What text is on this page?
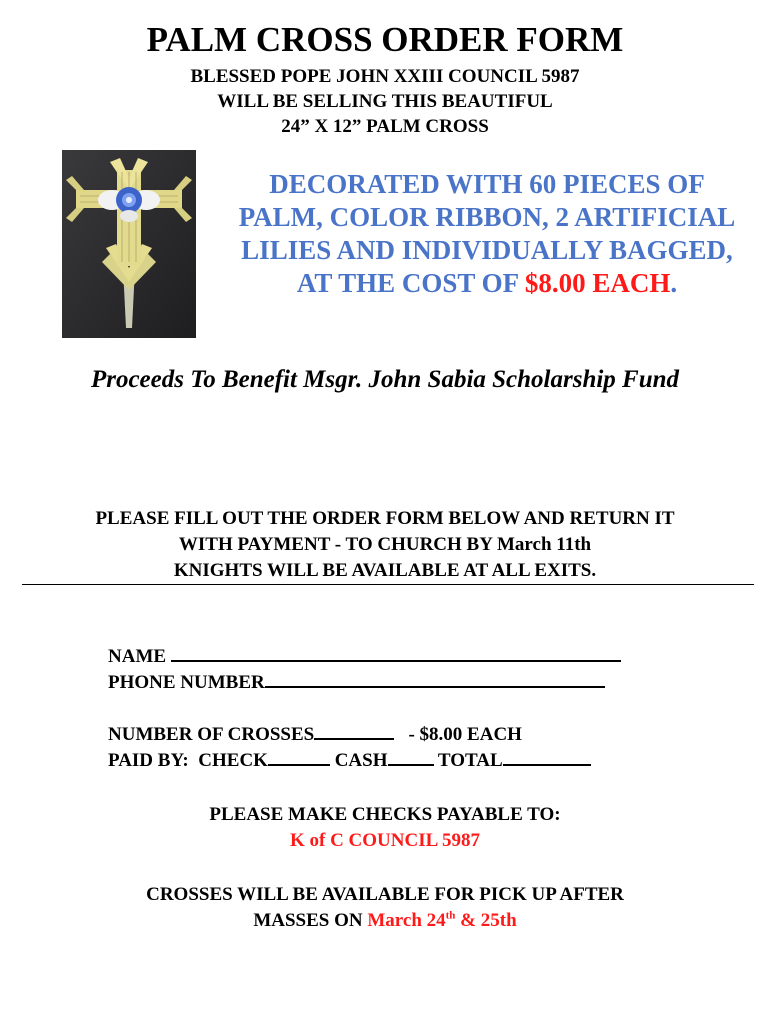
PALM CROSS ORDER FORM
BLESSED POPE JOHN XXIII COUNCIL 5987
WILL BE SELLING THIS BEAUTIFUL
24” X 12” PALM CROSS
DECORATED WITH 60 PIECES OF
PALM, COLOR RIBBON, 2 ARTIFICIAL
LILIES AND INDIVIDUALLY BAGGED,
AT THE COST OF $8.00 EACH.
Proceeds To Benefit Msgr. John Sabia Scholarship Fund
PLEASE FILL OUT THE ORDER FORM BELOW AND RETURN IT
WITH PAYMENT - TO CHURCH BY March 11th
KNIGHTS WILL BE AVAILABLE AT ALL EXITS.
NAME
PHONE NUMBER
NUMBER OF CROSSES	- $8.00 EACH
PAID BY: CHECK	CASH	TOTAL
PLEASE MAKE CHECKS PAYABLE TO:
K of C COUNCIL 5987
CROSSES WILL BE AVAILABLE FOR PICK UP AFTER
MASSES ON March 24th & 25th
